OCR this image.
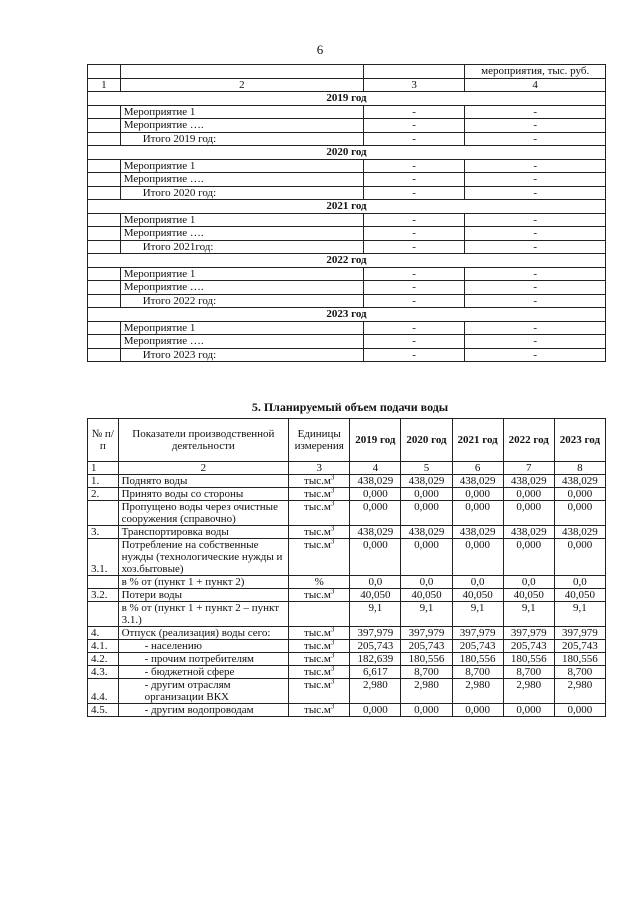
6
			мероприятия, тыс. руб.
1	2	3	4
2019 год			
	Мероприятие 1	-	-
	Мероприятие ….	-	-
	Итого 2019 год:	-	-
2020 год			
	Мероприятие 1	-	-
	Мероприятие ….	-	-
	Итого 2020 год:	-	-
2021 год			
	Мероприятие 1	-	-
	Мероприятие ….	-	-
	Итого 2021год:	-	-
2022 год			
	Мероприятие 1	-	-
	Мероприятие ….	-	-
	Итого 2022 год:	-	-
2023 год			
	Мероприятие 1	-	-
	Мероприятие ….	-	-
	Итого 2023 год:	-	-
5. Планируемый объем подачи воды
№ п/п	Показатели производственной деятельности	Единицы измерения	2019 год	2020 год	2021 год	2022 год	2023 год
1	2	3	4	5	6	7	8
1.	Поднято воды	$тыс.м^3$	438,029	438,029	438,029	438,029	438,029
2.	Принято воды со стороны	$тыс.м^3$	0,000	0,000	0,000	0,000	0,000
	Пропущено воды через очистные сооружения (справочно)	$тыс.м^3$	0,000	0,000	0,000	0,000	0,000
3.	Транспортировка воды	$тыс.м^3$	438,029	438,029	438,029	438,029	438,029
3.1.	Потребление на собственные нужды (технологические нужды и хоз.бытовые)	$тыс.м^3$	0,000	0,000	0,000	0,000	0,000
	в % от (пункт 1 + пункт 2)	%	0,0	0,0	0,0	0,0	0,0
3.2.	Потери воды	$тыс.м^3$	40,050	40,050	40,050	40,050	40,050
	в % от (пункт 1 + пункт 2 – пункт 3.1.)		9,1	9,1	9,1	9,1	9,1
4.	Отпуск (реализация) воды сего:	$тыс.м^3$	397,979	397,979	397,979	397,979	397,979
4.1.	- населению	$тыс.м^3$	205,743	205,743	205,743	205,743	205,743
4.2.	- прочим потребителям	$тыс.м^3$	182,639	180,556	180,556	180,556	180,556
4.3.	- бюджетной сфере	$тыс.м^3$	6,617	8,700	8,700	8,700	8,700
4.4.	- другим отраслям организации ВКХ	$тыс.м^3$	2,980	2,980	2,980	2,980	2,980
4.5.	- другим водопроводам	$тыс.м^3$	0,000	0,000	0,000	0,000	0,000
